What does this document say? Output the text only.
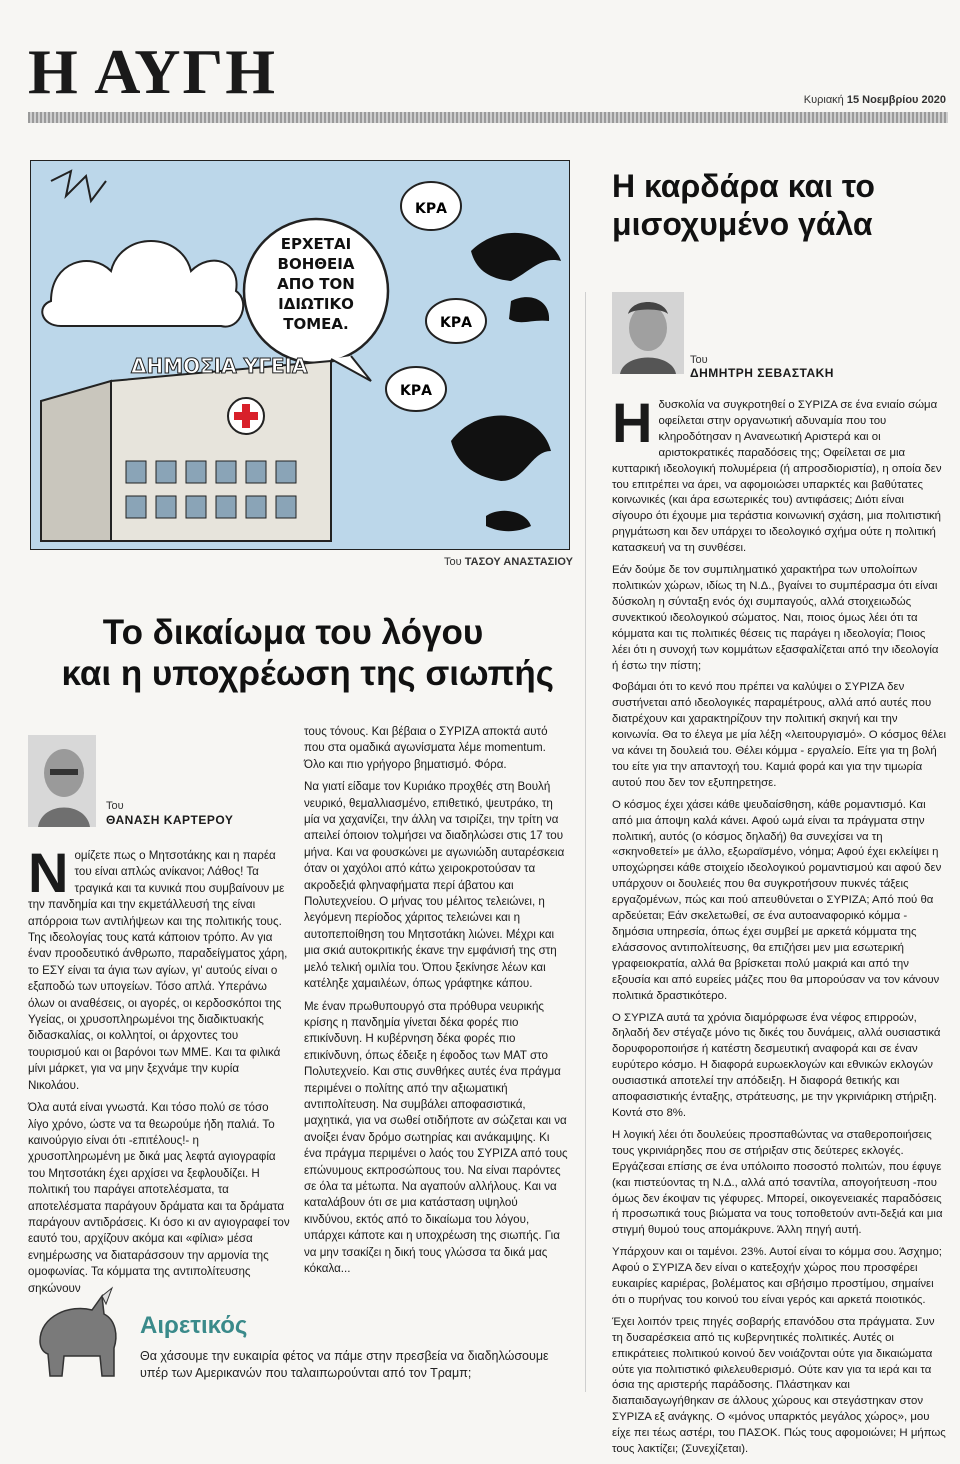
Η ΑΥΓΗ	Κυριακή 15 Νοεμβρίου 2020
ΕΡΧΕΤΑΙ
ΒΟΗΘΕΙΑ
ΑΠΟ ΤΟΝ
ΙΔΙΩΤΙΚΟ
ΤΟΜΕΑ.
ΚΡΑ
ΚΡΑ
ΚΡΑ
ΔΗΜΟΣΙΑ ΥΓΕΙΑ
Του ΤΑΣΟΥ ΑΝΑΣΤΑΣΙΟΥ
Το δικαίωμα του λόγου
και η υποχρέωση της σιωπής
Του
ΘΑΝΑΣΗ ΚΑΡΤΕΡΟΥ

Νομίζετε πως ο Μητσοτάκης και η παρέα του είναι απλώς ανίκανοι; Λάθος! Τα τραγικά και τα κυνικά που συμβαίνουν με την πανδημία και την εκμετάλλευσή της είναι απόρροια των αντιλήψεων και της πολιτικής τους. Της ιδεολογίας τους κατά κάποιον τρόπο. Αν για έναν προοδευτικό άνθρωπο, παραδείγματος χάρη, το ΕΣΥ είναι τα άγια των αγίων, γι' αυτούς είναι ο εξαποδώ των υπογείων. Τόσο απλά. Υπεράνω όλων οι αναθέσεις, οι αγορές, οι κερδοσκόποι της Υγείας, οι χρυσοπληρωμένοι της διαδικτυακής διδασκαλίας, οι κολλητοί, οι άρχοντες του τουρισμού και οι βαρόνοι των ΜΜΕ. Και τα φιλικά μίνι μάρκετ, για να μην ξεχνάμε την κυρία Νικολάου.

Όλα αυτά είναι γνωστά. Και τόσο πολύ σε τόσο λίγο χρόνο, ώστε να τα θεωρούμε ήδη παλιά. Το καινούργιο είναι ότι -επιτέλους!- η χρυσοπληρωμένη με δικά μας λεφτά αγιογραφία του Μητσοτάκη έχει αρχίσει να ξεφλουδίζει. Η πολιτική του παράγει αποτελέσματα, τα αποτελέσματα παράγουν δράματα και τα δράματα παράγουν αντιδράσεις. Κι όσο κι αν αγιογραφεί τον εαυτό του, αρχίζουν ακόμα και «φίλια» μέσα ενημέρωσης να διαταράσσουν την αρμονία της ομοφωνίας. Τα κόμματα της αντιπολίτευσης σηκώνουν

τους τόνους. Και βέβαια ο ΣΥΡΙΖΑ αποκτά αυτό που στα ομαδικά αγωνίσματα λέμε momentum. Όλο και πιο γρήγορο βηματισμό. Φόρα.

Να γιατί είδαμε τον Κυριάκο προχθές στη Βουλή νευρικό, θεμαλλιασμένο, επιθετικό, ψευτράκο, τη μία να χαχανίζει, την άλλη να τσιρίζει, την τρίτη να απειλεί όποιον τολμήσει να διαδηλώσει στις 17 του μήνα. Και να φουσκώνει με αγωνιώδη αυταρέσκεια όταν οι χαχόλοι από κάτω χειροκροτούσαν τα ακροδεξιά φληναφήματα περί άβατου και Πολυτεχνείου. Ο μήνας του μέλιτος τελειώνει, η λεγόμενη περίοδος χάριτος τελειώνει και η αυτοπεποίθηση του Μητσοτάκη λιώνει. Μέχρι και μια σκιά αυτοκριτικής έκανε την εμφάνισή της στη μελό τελική ομιλία του. Όπου ξεκίνησε λέων και κατέληξε χαμαιλέων, όπως γράφτηκε κάπου.

Με έναν πρωθυπουργό στα πρόθυρα νευρικής κρίσης η πανδημία γίνεται δέκα φορές πιο επικίνδυνη. Η κυβέρνηση δέκα φορές πιο επικίνδυνη, όπως έδειξε η έφοδος των ΜΑΤ στο Πολυτεχνείο. Και στις συνθήκες αυτές ένα πράγμα περιμένει ο πολίτης από την αξιωματική αντιπολίτευση. Να συμβάλει αποφασιστικά, μαχητικά, για να σωθεί οτιδήποτε αν σώζεται και να ανοίξει έναν δρόμο σωτηρίας και ανάκαμψης. Κι ένα πράγμα περιμένει ο λαός του ΣΥΡΙΖΑ από τους επώνυμους εκπροσώπους του. Να είναι παρόντες σε όλα τα μέτωπα. Να αγαπούν αλλήλους. Και να καταλάβουν ότι σε μια κατάσταση υψηλού κινδύνου, εκτός από το δικαίωμα του λόγου, υπάρχει κάποτε και η υποχρέωση της σιωπής. Για να μην τσακίζει η δική τους γλώσσα τα δικά μας κόκαλα...

Η καρδάρα και το
μισοχυμένο γάλα
Του
ΔΗΜΗΤΡΗ ΣΕΒΑΣΤΑΚΗ

Ηδυσκολία να συγκροτηθεί ο ΣΥΡΙΖΑ σε ένα ενιαίο σώμα οφείλεται στην οργανωτική αδυναμία που του κληροδότησαν η Ανανεωτική Αριστερά και οι αριστοκρατικές παραδόσεις της; Οφείλεται σε μια κυτταρική ιδεολογική πολυμέρεια (ή απροσδιοριστία), η οποία δεν του επιτρέπει να άρει, να αφομοιώσει υπαρκτές και βαθύτατες κοινωνικές (και άρα εσωτερικές του) αντιφάσεις; Διότι είναι σίγουρο ότι έχουμε μια τεράστια κοινωνική σχάση, μια πολιτιστική ρηγμάτωση και δεν υπάρχει το ιδεολογικό σχήμα ούτε η πολιτική κατασκευή να τη συνθέσει.

Εάν δούμε δε τον συμπιληματικό χαρακτήρα των υπολοίπων πολιτικών χώρων, ιδίως τη Ν.Δ., βγαίνει το συμπέρασμα ότι είναι δύσκολη η σύνταξη ενός όχι συμπαγούς, αλλά στοιχειωδώς συνεκτικού ιδεολογικού σώματος. Ναι, ποιος όμως λέει ότι τα κόμματα και τις πολιτικές θέσεις τις παράγει η ιδεολογία; Ποιος λέει ότι η συνοχή των κομμάτων εξασφαλίζεται από την ιδεολογία ή έστω την πίστη;

Φοβάμαι ότι το κενό που πρέπει να καλύψει ο ΣΥΡΙΖΑ δεν συστήνεται από ιδεολογικές παραμέτρους, αλλά από αυτές που διατρέχουν και χαρακτηρίζουν την πολιτική σκηνή και την κοινωνία. Θα το έλεγα με μία λέξη «λειτουργισμό». Ο κόσμος θέλει να κάνει τη δουλειά του. Θέλει κόμμα - εργαλείο. Είτε για τη βολή του είτε για την απαντοχή του. Καμιά φορά και για την τιμωρία αυτού που δεν τον εξυπηρετησε.

Ο κόσμος έχει χάσει κάθε ψευδαίσθηση, κάθε ρομαντισμό. Και από μια άποψη καλά κάνει. Αφού ωμά είναι τα πράγματα στην πολιτική, αυτός (ο κόσμος δηλαδή) θα συνεχίσει να τη «σκηνοθετεί» με άλλο, εξωραϊσμένο, νόημα; Αφού έχει εκλείψει η υποχώρησει κάθε στοιχείο ιδεολογικού ρομαντισμού και αφού δεν υπάρχουν οι δουλειές που θα συγκροτήσουν πυκνές τάξεις εργαζομένων, πώς και πού απευθύνεται ο ΣΥΡΙΖΑ; Από πού θα αρδεύεται; Εάν σκελετωθεί, σε ένα αυτοαναφορικό κόμμα - δημόσια υπηρεσία, όπως έχει συμβεί με αρκετά κόμματα της ελάσσονος αντιπολίτευσης, θα επιζήσει μεν μια εσωτερική γραφειοκρατία, αλλά θα βρίσκεται πολύ μακριά και από την εξουσία και από ευρείες μάζες που θα μπορούσαν να τον κάνουν πολιτικά δραστικότερο.

Ο ΣΥΡΙΖΑ αυτά τα χρόνια διαμόρφωσε ένα νέφος επιρροών, δηλαδή δεν στέγαζε μόνο τις δικές του δυνάμεις, αλλά ουσιαστικά δορυφοροποιήσε ή κατέστη δεσμευτική αναφορά και σε έναν ευρύτερο κόσμο. Η διαφορά ευρωεκλογών και εθνικών εκλογών ουσιαστικά αποτελεί την απόδειξη. Η διαφορά θετικής και αποφασιστικής ένταξης, στράτευσης, με την γκρινιάρικη στήριξη. Κοντά στο 8%.

Η λογική λέει ότι δουλεύεις προσπαθώντας να σταθεροποιήσεις τους γκρινιάρηδες που σε στήριξαν στις δεύτερες εκλογές. Εργάζεσαι επίσης σε ένα υπόλοιπο ποσοστό πολιτών, που έφυγε (και πιστεύοντας τη Ν.Δ., αλλά από τσαντίλα, απογοήτευση -που όμως δεν έκοψαν τις γέφυρες. Μπορεί, οικογενειακές παραδόσεις ή προσωπικά τους βιώματα να τους τοποθετούν αντι-δεξιά και μια στιγμή θυμού τους απομάκρυνε. Άλλη πηγή αυτή.

Υπάρχουν και οι ταμένοι. 23%. Αυτοί είναι το κόμμα σου. Άσχημο; Αφού ο ΣΥΡΙΖΑ δεν είναι ο κατεξοχήν χώρος που προσφέρει ευκαιρίες καριέρας, βολέματος και σβήσιμο προστίμου, σημαίνει ότι ο πυρήνας του κοινού του είναι γερός και αρκετά ποιοτικός.

Έχει λοιπόν τρεις πηγές σοβαρής επανόδου στα πράγματα. Συν τη δυσαρέσκεια από τις κυβερνητικές πολιτικές. Αυτές οι επικράτειες πολιτικού κοινού δεν νοιάζονται ούτε για δικαιώματα ούτε για πολιτιστικό φιλελευθερισμό. Ούτε καν για τα ιερά και τα όσια της αριστερής παράδοσης. Πλάστηκαν και διαπαιδαγωγήθηκαν σε άλλους χώρους και στεγάστηκαν στον ΣΥΡΙΖΑ εξ ανάγκης. Ο «μόνος υπαρκτός μεγάλος χώρος», μου είχε πει τέως αστέρι, του ΠΑΣΟΚ. Πώς τους αφομοιώνει; Η μήπως τους λακτίζει; (Συνεχίζεται).

Αιρετικός
Θα χάσουμε την ευκαιρία φέτος να πάμε στην πρεσβεία να διαδηλώσουμε
υπέρ των Αμερικανών που ταλαιπωρούνται από τον Τραμπ;
